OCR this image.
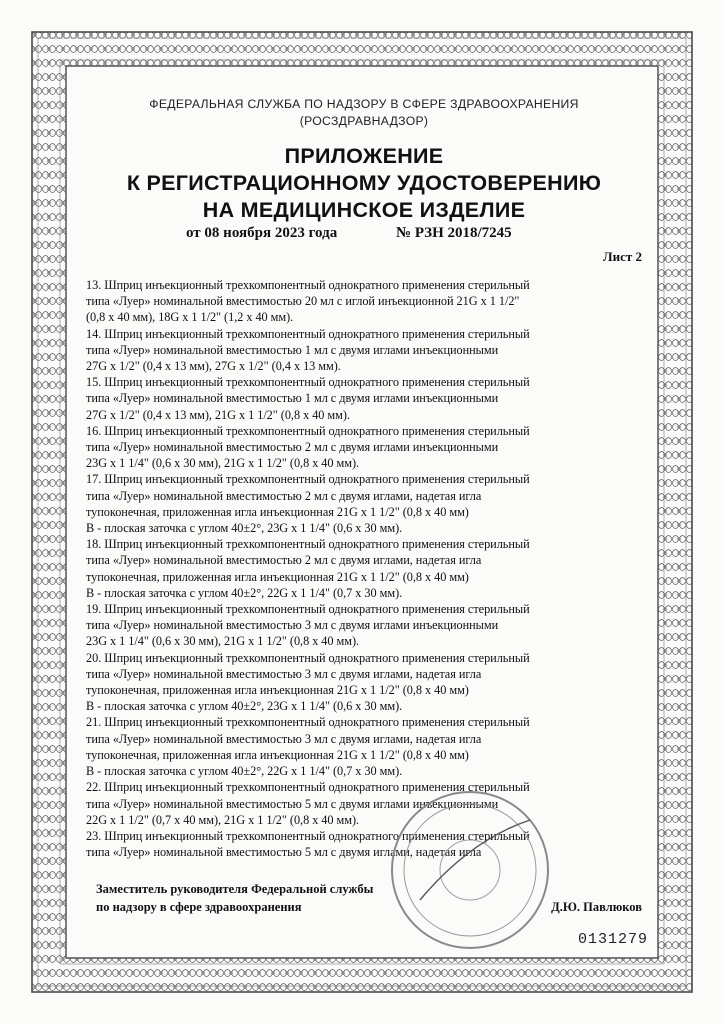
ФЕДЕРАЛЬНАЯ СЛУЖБА ПО НАДЗОРУ В СФЕРЕ ЗДРАВООХРАНЕНИЯ
(РОСЗДРАВНАДЗОР)
ПРИЛОЖЕНИЕ
К РЕГИСТРАЦИОННОМУ УДОСТОВЕРЕНИЮ
НА МЕДИЦИНСКОЕ ИЗДЕЛИЕ
от 08 ноября 2023 года	№ РЗН 2018/7245
Лист 2
13. Шприц инъекционный трехкомпонентный однократного применения стерильный
типа «Луер» номинальной вместимостью 20 мл с иглой инъекционной 21G x 1 1/2"
(0,8 x 40 мм), 18G x 1 1/2" (1,2 x 40 мм).
14. Шприц инъекционный трехкомпонентный однократного применения стерильный
типа «Луер» номинальной вместимостью 1 мл с двумя иглами инъекционными
27G x 1/2" (0,4 x 13 мм), 27G x 1/2" (0,4 x 13 мм).
15. Шприц инъекционный трехкомпонентный однократного применения стерильный
типа «Луер» номинальной вместимостью 1 мл с двумя иглами инъекционными
27G x 1/2" (0,4 x 13 мм), 21G x 1 1/2" (0,8 x 40 мм).
16. Шприц инъекционный трехкомпонентный однократного применения стерильный
типа «Луер» номинальной вместимостью 2 мл с двумя иглами инъекционными
23G x 1 1/4" (0,6 x 30 мм), 21G x 1 1/2" (0,8 x 40 мм).
17. Шприц инъекционный трехкомпонентный однократного применения стерильный
типа «Луер» номинальной вместимостью 2 мл с двумя иглами, надетая игла
тупоконечная, приложенная игла инъекционная 21G x 1 1/2" (0,8 x 40 мм)
В - плоская заточка с углом 40±2°, 23G x 1 1/4" (0,6 x 30 мм).
18. Шприц инъекционный трехкомпонентный однократного применения стерильный
типа «Луер» номинальной вместимостью 2 мл с двумя иглами, надетая игла
тупоконечная, приложенная игла инъекционная 21G x 1 1/2" (0,8 x 40 мм)
В - плоская заточка с углом 40±2°, 22G x 1 1/4" (0,7 x 30 мм).
19. Шприц инъекционный трехкомпонентный однократного применения стерильный
типа «Луер» номинальной вместимостью 3 мл с двумя иглами инъекционными
23G x 1 1/4" (0,6 x 30 мм), 21G x 1 1/2" (0,8 x 40 мм).
20. Шприц инъекционный трехкомпонентный однократного применения стерильный
типа «Луер» номинальной вместимостью 3 мл с двумя иглами, надетая игла
тупоконечная, приложенная игла инъекционная 21G x 1 1/2" (0,8 x 40 мм)
В - плоская заточка с углом 40±2°, 23G x 1 1/4" (0,6 x 30 мм).
21. Шприц инъекционный трехкомпонентный однократного применения стерильный
типа «Луер» номинальной вместимостью 3 мл с двумя иглами, надетая игла
тупоконечная, приложенная игла инъекционная 21G x 1 1/2" (0,8 x 40 мм)
В - плоская заточка с углом 40±2°, 22G x 1 1/4" (0,7 x 30 мм).
22. Шприц инъекционный трехкомпонентный однократного применения стерильный
типа «Луер» номинальной вместимостью 5 мл с двумя иглами инъекционными
22G x 1 1/2" (0,7 x 40 мм), 21G x 1 1/2" (0,8 x 40 мм).
23. Шприц инъекционный трехкомпонентный однократного применения стерильный
типа «Луер» номинальной вместимостью 5 мл с двумя иглами, надетая игла
Заместитель руководителя Федеральной службы
по надзору в сфере здравоохранения	Д.Ю. Павлюков
0131279
